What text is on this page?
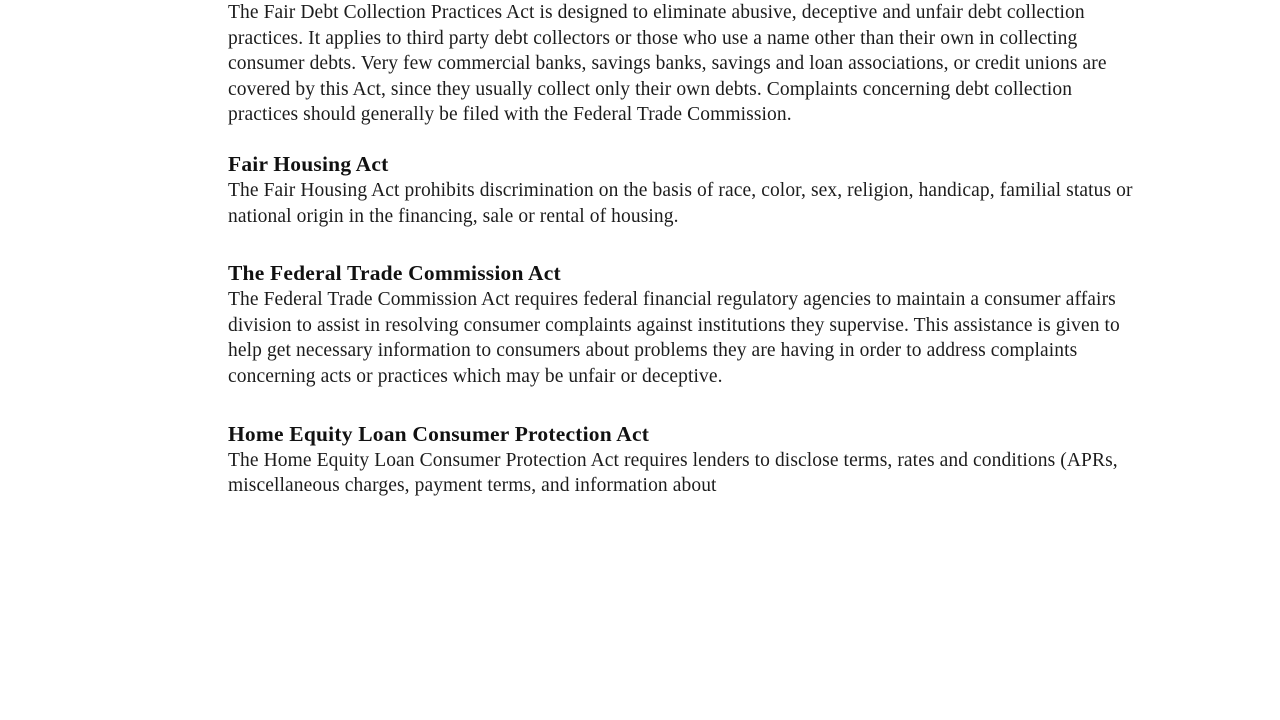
The Fair Debt Collection Practices Act is designed to eliminate abusive, deceptive and unfair debt collection practices. It applies to third party debt collectors or those who use a name other than their own in collecting consumer debts. Very few commercial banks, savings banks, savings and loan associations, or credit unions are covered by this Act, since they usually collect only their own debts. Complaints concerning debt collection practices should generally be filed with the Federal Trade Commission.

Fair Housing Act

The Fair Housing Act prohibits discrimination on the basis of race, color, sex, religion, handicap, familial status or national origin in the financing, sale or rental of housing.

The Federal Trade Commission Act

The Federal Trade Commission Act requires federal financial regulatory agencies to maintain a consumer affairs division to assist in resolving consumer complaints against institutions they supervise. This assistance is given to help get necessary information to consumers about problems they are having in order to address complaints concerning acts or practices which may be unfair or deceptive.

Home Equity Loan Consumer Protection Act

The Home Equity Loan Consumer Protection Act requires lenders to disclose terms, rates and conditions (APRs, miscellaneous charges, payment terms, and information about
